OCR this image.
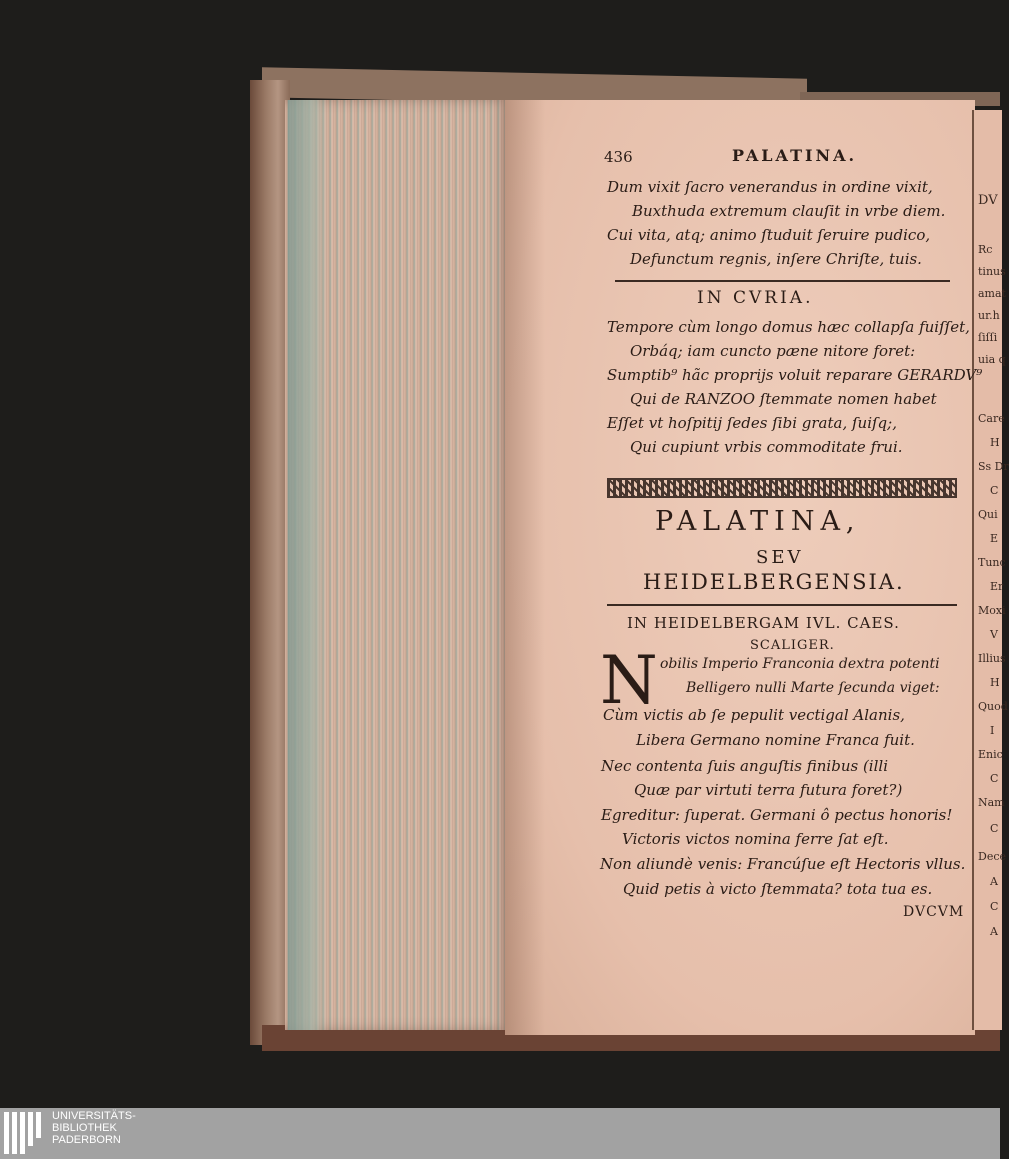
436	PALATINA.
Dum vixit ſacro venerandus in ordine vixit,
Buxthuda extremum clauſit in vrbe diem.
Cui vita, atq; animo ſtuduit ſeruire pudico,
Defunctum regnis, inſere Chriſte, tuis.
IN CVRIA.
Tempore cùm longo domus hæc collapſa fuiſſet,
Orbáq; iam cuncto pæne nitore foret:
Sumptib⁹ hãc proprijs voluit reparare GERARDV⁹
Qui de RANZOO ſtemmate nomen habet
Eſſet vt hoſpitij ſedes ſibi grata, ſuiſq;,
Qui cupiunt vrbis commoditate frui.
PALATINA,
SEV
HEIDELBERGENSIA.
IN HEIDELBERGAM IVL. CAES.
SCALIGER.
N obilis Imperio Franconia dextra potenti
Belligero nulli Marte ſecunda viget:
Cùm victis ab ſe pepulit vectigal Alanis,
Libera Germano nomine Franca fuit.
Nec contenta ſuis anguſtis finibus (illi
Quæ par virtuti terra futura foret?)
Egreditur: ſuperat. Germani ô pectus honoris!
Victoris victos nomina ferre ſat eſt.
Non aliundè venis: Francúſue eſt Hectoris vllus.
Quid petis à victo ſtemmata? tota tua es.
DVCVM
DV
Rc
tinus
amat
ur.h
ſiſſi
uia q
Care
H
Ss Dr
C
Qui
E
Tunc
Er
Moxi
V
Illius
H
Quod
I
Enic
C
Nam
C
Dece
A
C
A
UNIVERSITÄTS-
BIBLIOTHEK
PADERBORN
